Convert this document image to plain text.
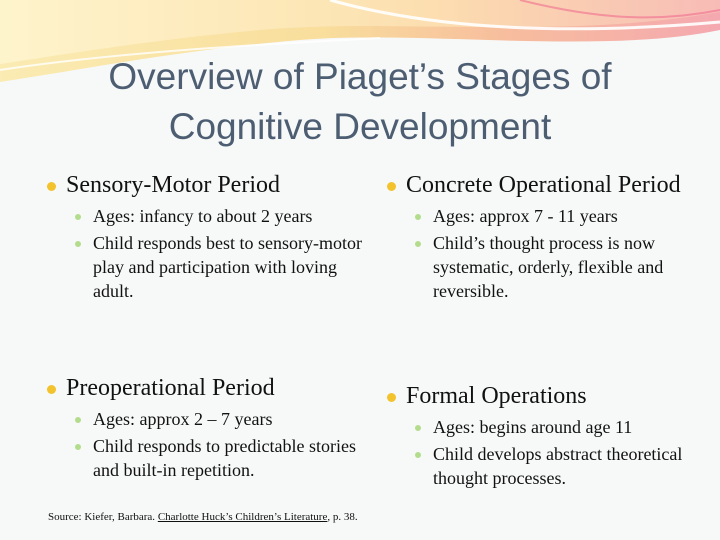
Overview of Piaget’s Stages of Cognitive Development
Sensory-Motor Period
Ages: infancy to about 2 years
Child responds best to sensory-motor play and participation with loving adult.
Preoperational Period
Ages: approx 2 – 7 years
Child responds to predictable stories and built-in repetition.
Concrete Operational Period
Ages: approx 7 - 11 years
Child’s thought process is now systematic, orderly, flexible and reversible.
Formal Operations
Ages: begins around age 11
Child develops abstract theoretical thought processes.
Source: Kiefer, Barbara. Charlotte Huck’s Children’s Literature, p. 38.
